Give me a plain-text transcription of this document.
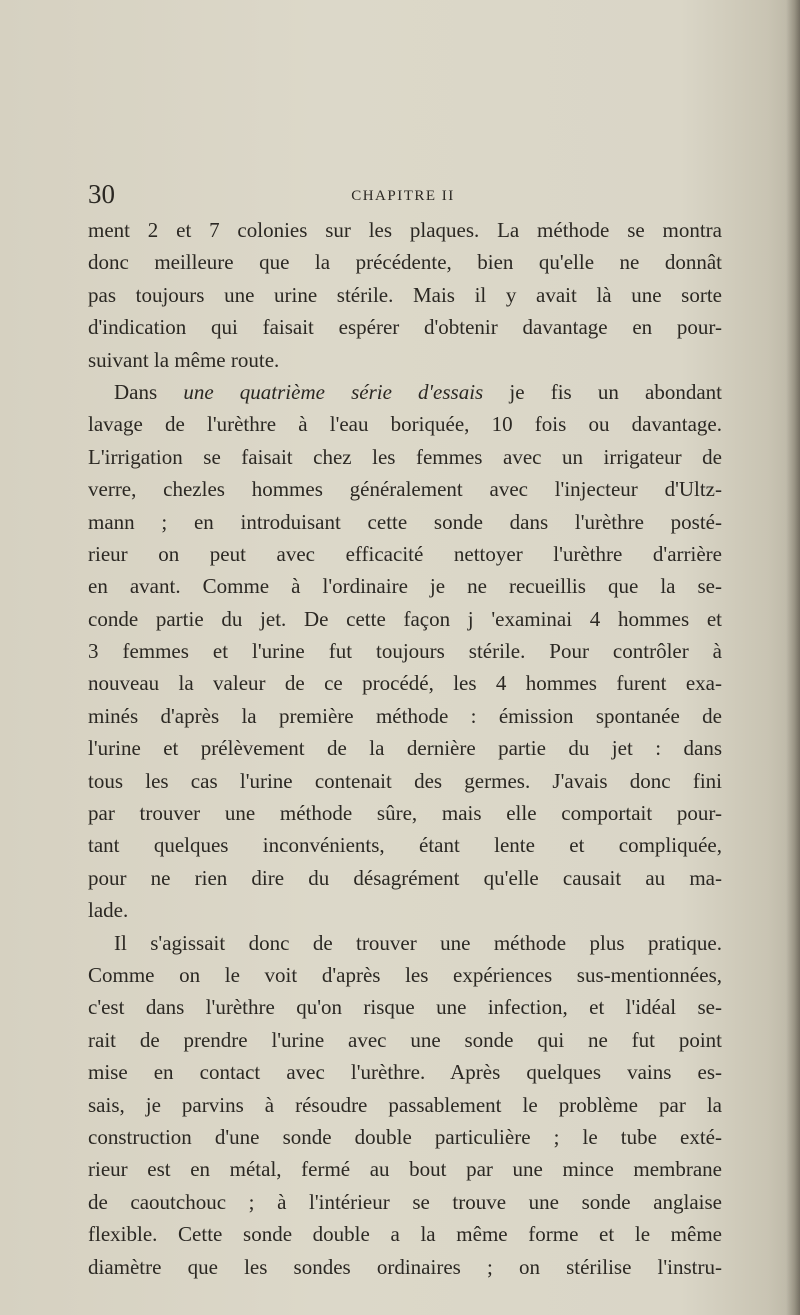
30	CHAPITRE II
ment 2 et 7 colonies sur les plaques. La méthode se montra
donc meilleure que la précédente, bien qu'elle ne donnât
pas toujours une urine stérile. Mais il y avait là une sorte
d'indication qui faisait espérer d'obtenir davantage en pour-
suivant la même route.
Dans une quatrième série d'essais je fis un abondant
lavage de l'urèthre à l'eau boriquée, 10 fois ou davantage.
L'irrigation se faisait chez les femmes avec un irrigateur de
verre, chezles hommes généralement avec l'injecteur d'Ultz-
mann ; en introduisant cette sonde dans l'urèthre posté-
rieur on peut avec efficacité nettoyer l'urèthre d'arrière
en avant. Comme à l'ordinaire je ne recueillis que la se-
conde partie du jet. De cette façon j 'examinai 4 hommes et
3 femmes et l'urine fut toujours stérile. Pour contrôler à
nouveau la valeur de ce procédé, les 4 hommes furent exa-
minés d'après la première méthode : émission spontanée de
l'urine et prélèvement de la dernière partie du jet : dans
tous les cas l'urine contenait des germes. J'avais donc fini
par trouver une méthode sûre, mais elle comportait pour-
tant quelques inconvénients, étant lente et compliquée,
pour ne rien dire du désagrément qu'elle causait au ma-
lade.
Il s'agissait donc de trouver une méthode plus pratique.
Comme on le voit d'après les expériences sus-mentionnées,
c'est dans l'urèthre qu'on risque une infection, et l'idéal se-
rait de prendre l'urine avec une sonde qui ne fut point
mise en contact avec l'urèthre. Après quelques vains es-
sais, je parvins à résoudre passablement le problème par la
construction d'une sonde double particulière ; le tube exté-
rieur est en métal, fermé au bout par une mince membrane
de caoutchouc ; à l'intérieur se trouve une sonde anglaise
flexible. Cette sonde double a la même forme et le même
diamètre que les sondes ordinaires ; on stérilise l'instru-
